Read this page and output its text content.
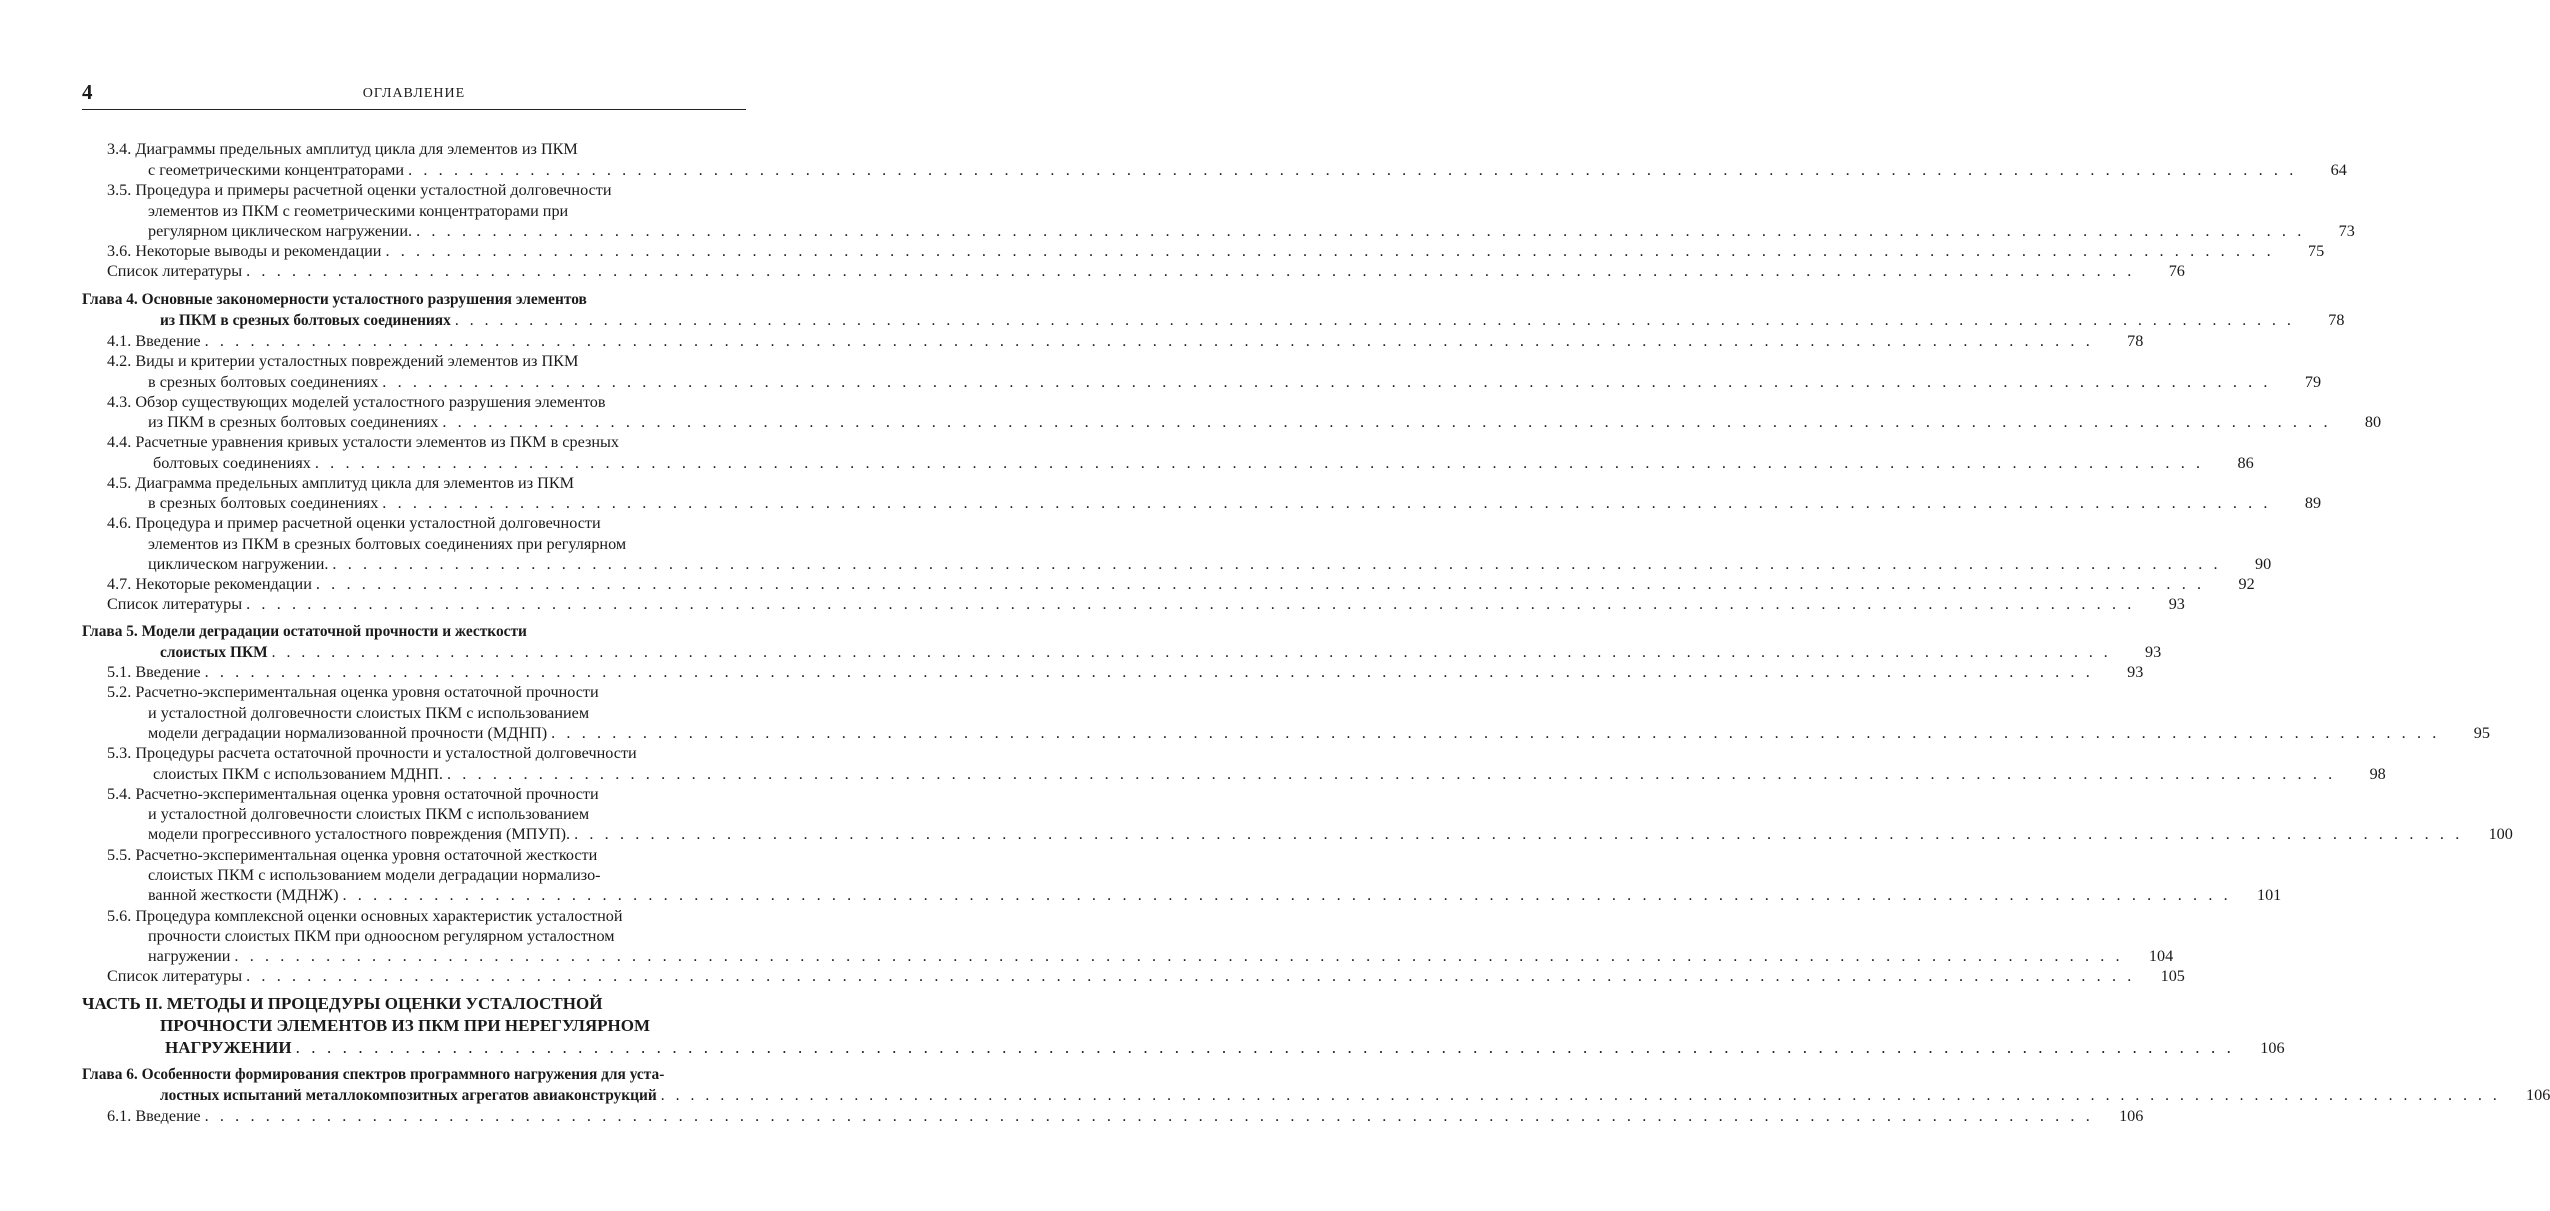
4	ОГЛАВЛЕНИЕ
3.4. Диаграммы предельных амплитуд цикла для элементов из ПКМ
с геометрическими концентраторами . . .	64
3.5. Процедура и примеры расчетной оценки усталостной долговечности
элементов из ПКМ с геометрическими концентраторами при
регулярном циклическом нагружении. . . .	73
3.6. Некоторые выводы и рекомендации . . .	75
Список литературы . . .	76
Глава 4. Основные закономерности усталостного разрушения элементов
из ПКМ в срезных болтовых соединениях . . .	78
4.1. Введение . . .	78
4.2. Виды и критерии усталостных повреждений элементов из ПКМ
в срезных болтовых соединениях . . .	79
4.3. Обзор существующих моделей усталостного разрушения элементов
из ПКМ в срезных болтовых соединениях . . .	80
4.4. Расчетные уравнения кривых усталости элементов из ПКМ в срезных
болтовых соединениях . . .	86
4.5. Диаграмма предельных амплитуд цикла для элементов из ПКМ
в срезных болтовых соединениях . . .	89
4.6. Процедура и пример расчетной оценки усталостной долговечности
элементов из ПКМ в срезных болтовых соединениях при регулярном
циклическом нагружении. . . .	90
4.7. Некоторые рекомендации . . .	92
Список литературы . . .	93
Глава 5. Модели деградации остаточной прочности и жесткости
слоистых ПКМ . . .	93
5.1. Введение . . .	93
5.2. Расчетно-экспериментальная оценка уровня остаточной прочности
и усталостной долговечности слоистых ПКМ с использованием
модели деградации нормализованной прочности (МДНП) . . .	95
5.3. Процедуры расчета остаточной прочности и усталостной долговечности
слоистых ПКМ с использованием МДНП. . . .	98
5.4. Расчетно-экспериментальная оценка уровня остаточной прочности
и усталостной долговечности слоистых ПКМ с использованием
модели прогрессивного усталостного повреждения (МПУП). . . .	100
5.5. Расчетно-экспериментальная оценка уровня остаточной жесткости
слоистых ПКМ с использованием модели деградации нормализо-
ванной жесткости (МДНЖ) . . .	101
5.6. Процедура комплексной оценки основных характеристик усталостной
прочности слоистых ПКМ при одноосном регулярном усталостном
нагружении . . .	104
Список литературы . . .	105
ЧАСТЬ II. МЕТОДЫ И ПРОЦЕДУРЫ ОЦЕНКИ УСТАЛОСТНОЙ
ПРОЧНОСТИ ЭЛЕМЕНТОВ ИЗ ПКМ ПРИ НЕРЕГУЛЯРНОМ
НАГРУЖЕНИИ . . .	106
Глава 6. Особенности формирования спектров программного нагружения для уста-
лостных испытаний металлокомпозитных агрегатов авиаконструкций . . .	106
6.1. Введение . . .	106
